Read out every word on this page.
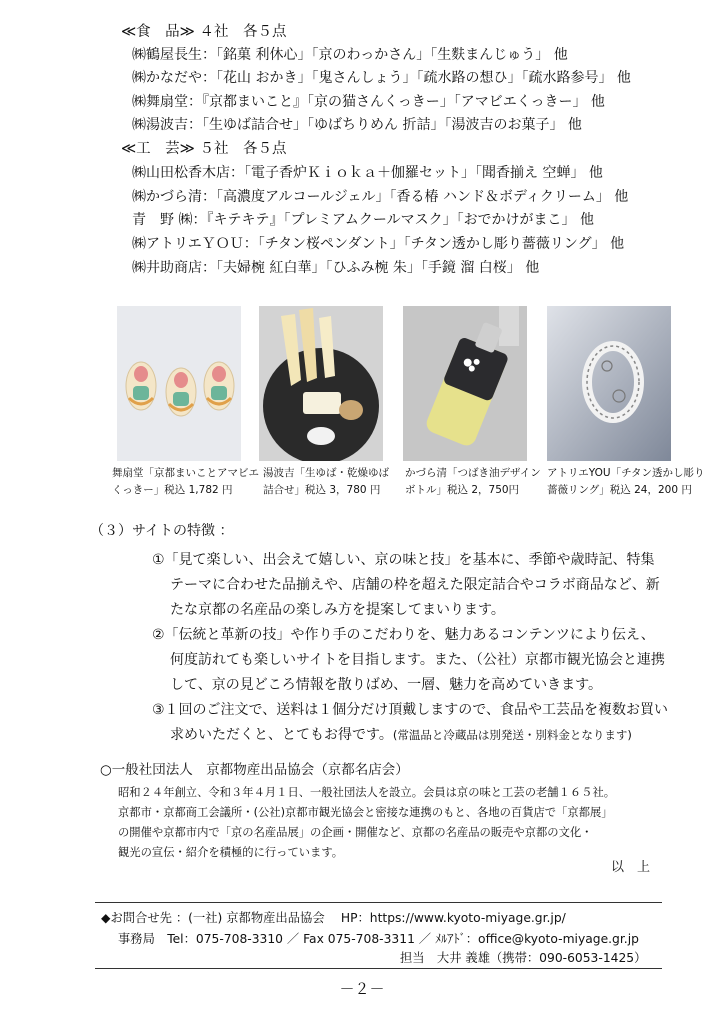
≪食　品≫ ４社　各５点
㈱鶴屋長生：「銘菓 利休心」「京のわっかさん」「生麩まんじゅう」 他
㈱かなだや：「花山 おかき」「鬼さんしょう」「疏水路の想ひ」「疏水路参号」 他
㈱舞扇堂：『京都まいこと』「京の猫さんくっきー」「アマビエくっきー」 他
㈱湯波吉：「生ゆば詰合せ」「ゆばちりめん 折詰」「湯波吉のお菓子」 他
≪工　芸≫ ５社　各５点
㈱山田松香木店：「電子香炉Ｋｉｏｋａ＋伽羅セット」「聞香揃え 空蝉」 他
㈱かづら清：「高濃度アルコールジェル」「香る椿 ハンド＆ボディクリーム」 他
青　野 ㈱：『キテキテ』「プレミアムクールマスク」「おでかけがまこ」 他
㈱アトリエＹＯＵ：「チタン桜ペンダント」「チタン透かし彫り薔薇リング」 他
㈱井助商店：「夫婦椀 紅白華」「ひふみ椀 朱」「手鏡 溜 白桜」 他
舞扇堂「京都まいことアマビエ
くっきー」税込 1,782 円
湯波吉「生ゆば・乾燥ゆば
詰合せ」税込 3，780 円
かづら清「つばき油デザイン
ボトル」税込 2，750円
アトリエYOU「チタン透かし彫り
薔薇リング」税込 24，200 円
（３）サイトの特徴 ：
①「見て楽しい、出会えて嬉しい、京の味と技」を基本に、季節や歳時記、特集
テーマに合わせた品揃えや、店舗の枠を超えた限定詰合やコラボ商品など、新
たな京都の名産品の楽しみ方を提案してまいります。
②「伝統と革新の技」や作り手のこだわりを、魅力あるコンテンツにより伝え、
何度訪れても楽しいサイトを目指します。また、（公社）京都市観光協会と連携
して、京の見どころ情報を散りばめ、一層、魅力を高めていきます。
③１回のご注文で、送料は１個分だけ頂戴しますので、食品や工芸品を複数お買い
求めいただくと、とてもお得です。(常温品と冷蔵品は別発送・別料金となります)
○一般社団法人　京都物産出品協会（京都名店会）
昭和２４年創立、令和３年４月１日、一般社団法人を設立。会員は京の味と工芸の老舗１６５社。
京都市・京都商工会議所・(公社)京都市観光協会と密接な連携のもと、各地の百貨店で「京都展」
の開催や京都市内で「京の名産品展」の企画・開催など、京都の名産品の販売や京都の文化・
観光の宣伝・紹介を積極的に行っています。
以　上
◆お問合せ先 ：(一社) 京都物産出品協会　 HP：https://www.kyoto-miyage.gr.jp/
事務局　Tel：075-708-3310 ／ Fax 075-708-3311 ／ ﾒﾙｱﾄﾞ：office@kyoto-miyage.gr.jp
担当　大井 義雄（携帯：090-6053-1425）
－２－
